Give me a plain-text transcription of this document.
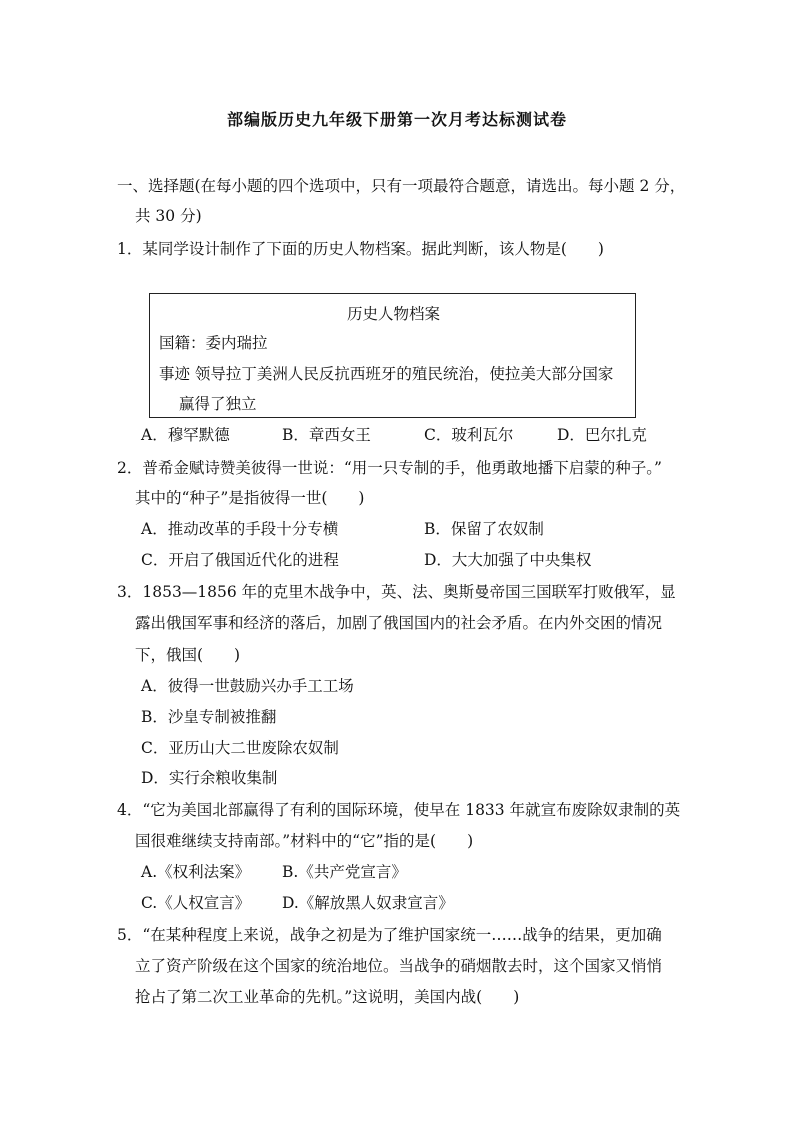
部编版历史九年级下册第一次月考达标测试卷
一、选择题(在每小题的四个选项中，只有一项最符合题意，请选出。每小题 2 分，
共 30 分)
1．某同学设计制作了下面的历史人物档案。据此判断，该人物是(　　)
历史人物档案
国籍：委内瑞拉
事迹 领导拉丁美洲人民反抗西班牙的殖民统治，使拉美大部分国家
赢得了独立
A．穆罕默德	B．章西女王	C．玻利瓦尔	D．巴尔扎克
2．普希金赋诗赞美彼得一世说：“用一只专制的手，他勇敢地播下启蒙的种子。”
其中的“种子”是指彼得一世(　　)
A．推动改革的手段十分专横	B．保留了农奴制
C．开启了俄国近代化的进程	D．大大加强了中央集权
3．1853—1856 年的克里木战争中，英、法、奥斯曼帝国三国联军打败俄军，显
露出俄国军事和经济的落后，加剧了俄国国内的社会矛盾。在内外交困的情况
下，俄国(　　)
A．彼得一世鼓励兴办手工工场
B．沙皇专制被推翻
C．亚历山大二世废除农奴制
D．实行余粮收集制
4．“它为美国北部赢得了有利的国际环境，使早在 1833 年就宣布废除奴隶制的英
国很难继续支持南部。”材料中的“它”指的是(　　)
A.《权利法案》 B.《共产党宣言》
C.《人权宣言》 D.《解放黑人奴隶宣言》
5．“在某种程度上来说，战争之初是为了维护国家统一……战争的结果，更加确
立了资产阶级在这个国家的统治地位。当战争的硝烟散去时，这个国家又悄悄
抢占了第二次工业革命的先机。”这说明，美国内战(　　)
